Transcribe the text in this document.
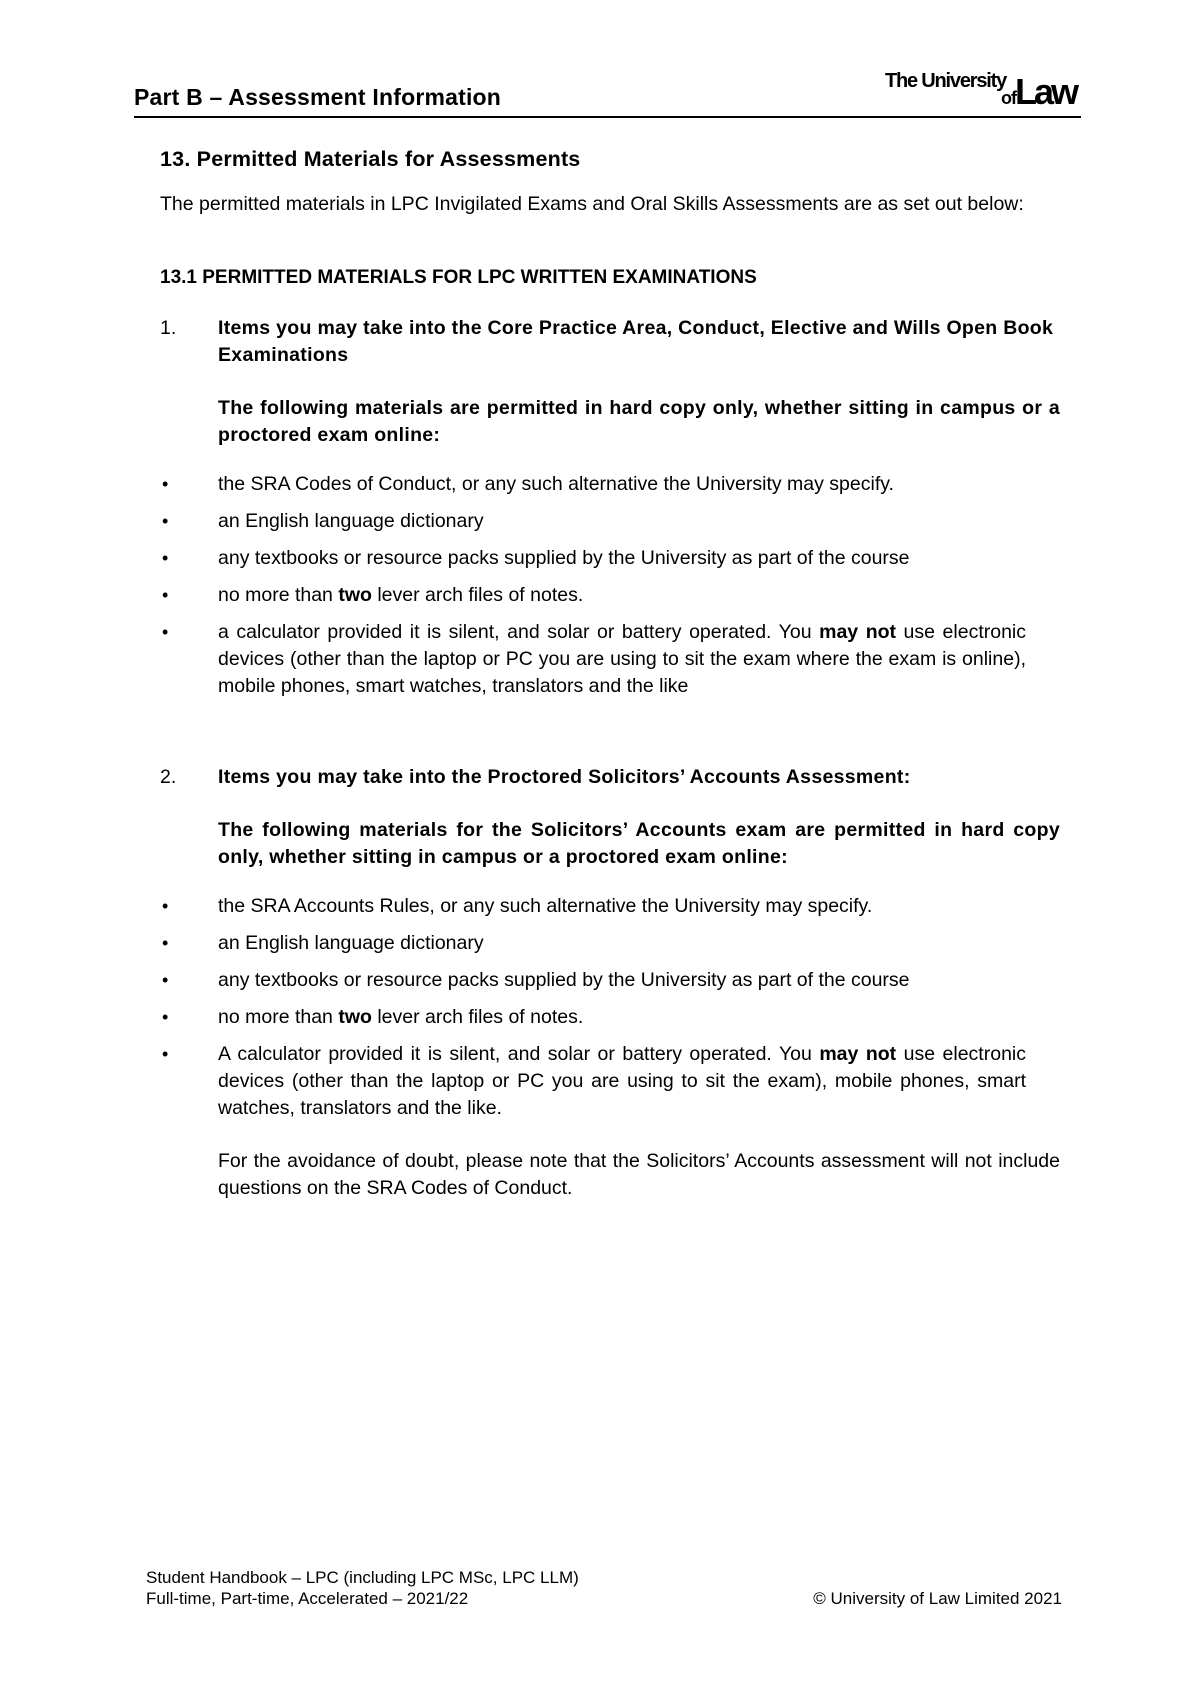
Part B – Assessment Information
The University
of
Law
13. Permitted Materials for Assessments
The permitted materials in LPC Invigilated Exams and Oral Skills Assessments are as set out below:
13.1 PERMITTED MATERIALS FOR LPC WRITTEN EXAMINATIONS
1. Items you may take into the Core Practice Area, Conduct, Elective and Wills Open Book Examinations
The following materials are permitted in hard copy only, whether sitting in campus or a proctored exam online:
•	the SRA Codes of Conduct, or any such alternative the University may specify.
•	an English language dictionary
•	any textbooks or resource packs supplied by the University as part of the course
•	no more than two lever arch files of notes.
•	a calculator provided it is silent, and solar or battery operated. You may not use electronic devices (other than the laptop or PC you are using to sit the exam where the exam is online), mobile phones, smart watches, translators and the like
2. Items you may take into the Proctored Solicitors’ Accounts Assessment:
The following materials for the Solicitors’ Accounts exam are permitted in hard copy only, whether sitting in campus or a proctored exam online:
•	the SRA Accounts Rules, or any such alternative the University may specify.
•	an English language dictionary
•	any textbooks or resource packs supplied by the University as part of the course
•	no more than two lever arch files of notes.
•	A calculator provided it is silent, and solar or battery operated. You may not use electronic devices (other than the laptop or PC you are using to sit the exam), mobile phones, smart watches, translators and the like.
For the avoidance of doubt, please note that the Solicitors’ Accounts assessment will not include questions on the SRA Codes of Conduct.
Student Handbook – LPC (including LPC MSc, LPC LLM)
Full-time, Part-time, Accelerated – 2021/22	© University of Law Limited 2021
